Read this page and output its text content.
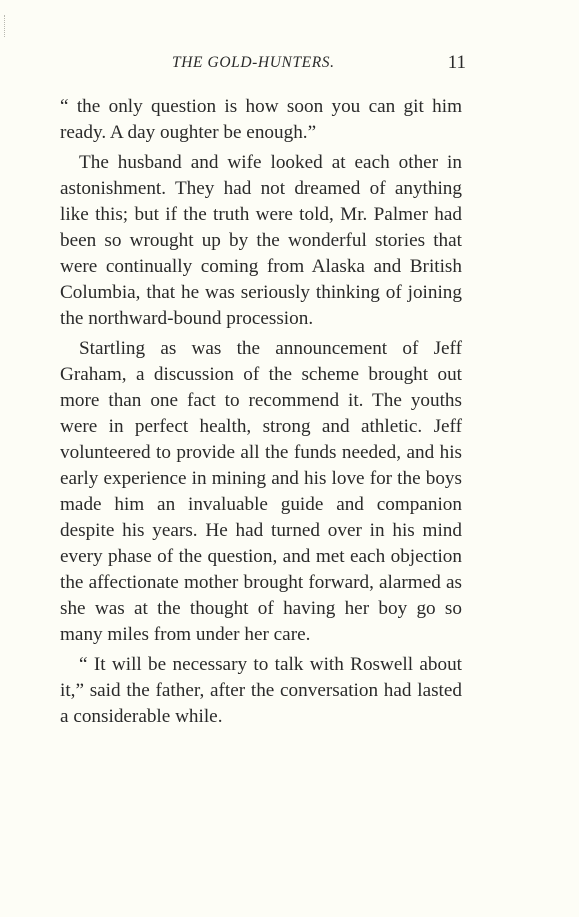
THE GOLD-HUNTERS.	11

“ the only question is how soon you can git him ready. A day oughter be enough.”

The husband and wife looked at each other in astonishment. They had not dreamed of anything like this; but if the truth were told, Mr. Palmer had been so wrought up by the wonderful stories that were continually coming from Alaska and British Columbia, that he was seriously thinking of joining the northward-bound procession.

Startling as was the announcement of Jeff Graham, a discussion of the scheme brought out more than one fact to recommend it. The youths were in perfect health, strong and athletic. Jeff volunteered to provide all the funds needed, and his early experience in mining and his love for the boys made him an invaluable guide and companion despite his years. He had turned over in his mind every phase of the question, and met each objection the affectionate mother brought forward, alarmed as she was at the thought of having her boy go so many miles from under her care.

“ It will be necessary to talk with Roswell about it,” said the father, after the conversation had lasted a considerable while.
